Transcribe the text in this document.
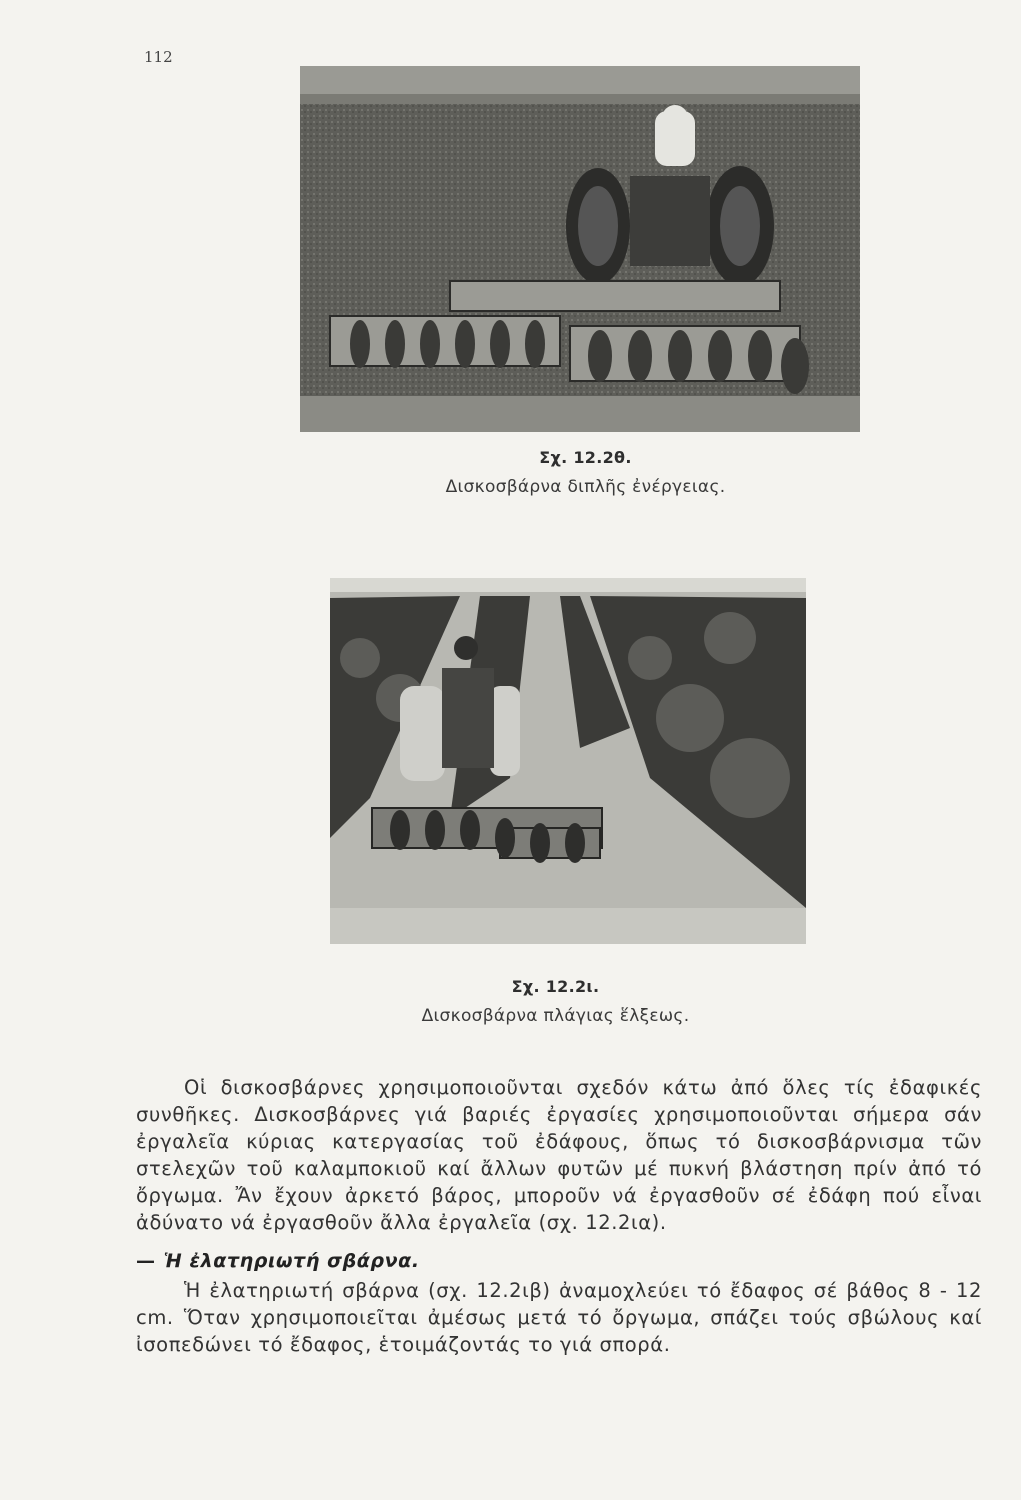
112
Σχ. 12.2θ.
Δισκοσβάρνα διπλῆς ἐνέργειας.
Σχ. 12.2ι.
Δισκοσβάρνα πλάγιας ἕλξεως.

Οἱ δισκοσβάρνες χρησιμοποιοῦνται σχεδόν κάτω ἀπό ὅλες τίς ἐδαφικές συνθῆκες. Δισκοσβάρνες γιά βαριές ἐργασίες χρησιμοποιοῦνται σήμερα σάν ἐργαλεῖα κύριας κατεργασίας τοῦ ἐδάφους, ὅπως τό δισκοσβάρνισμα τῶν στελεχῶν τοῦ καλαμποκιοῦ καί ἄλλων φυτῶν μέ πυκνή βλάστηση πρίν ἀπό τό ὄργωμα. Ἄν ἔχουν ἀρκετό βάρος, μποροῦν νά ἐργασθοῦν σέ ἐδάφη πού εἶναι ἀδύνατο νά ἐργασθοῦν ἄλλα ἐργαλεῖα (σχ. 12.2ια).

— Ἡ ἐλατηριωτή σβάρνα.

Ἡ ἐλατηριωτή σβάρνα (σχ. 12.2ιβ) ἀναμοχλεύει τό ἔδαφος σέ βάθος 8 - 12 cm. Ὅταν χρησιμοποιεῖται ἀμέσως μετά τό ὄργωμα, σπάζει τούς σβώλους καί ἰσοπεδώνει τό ἔδαφος, ἑτοιμάζοντάς το γιά σπορά.
